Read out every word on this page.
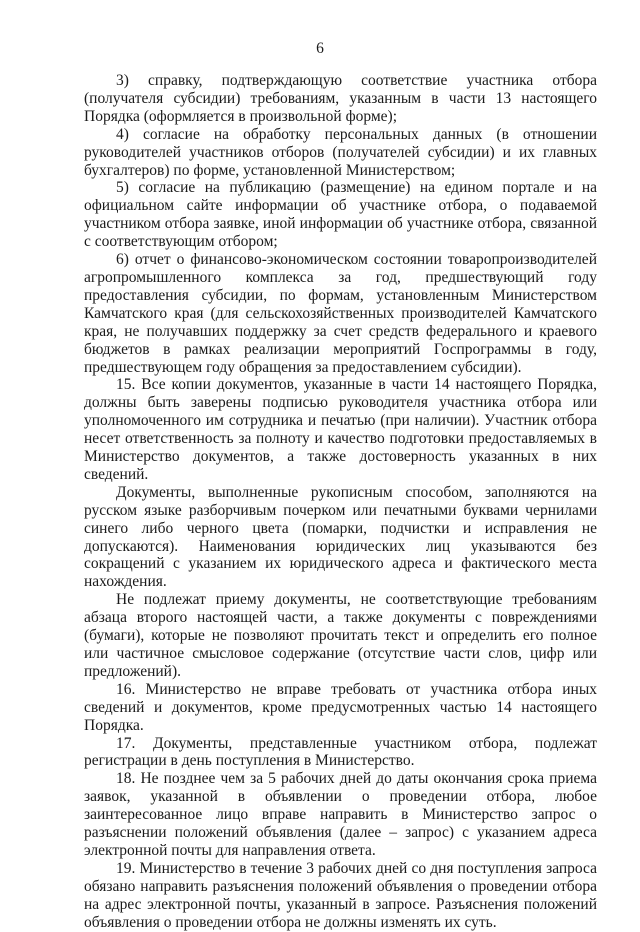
6

3) справку, подтверждающую соответствие участника отбора (получателя субсидии) требованиям, указанным в части 13 настоящего Порядка (оформляется в произвольной форме);

4) согласие на обработку персональных данных (в отношении руководителей участников отборов (получателей субсидии) и их главных бухгалтеров) по форме, установленной Министерством;

5) согласие на публикацию (размещение) на едином портале и на официальном сайте информации об участнике отбора, о подаваемой участником отбора заявке, иной информации об участнике отбора, связанной с соответствующим отбором;

6) отчет о финансово-экономическом состоянии товаропроизводителей агропромышленного комплекса за год, предшествующий году предоставления субсидии, по формам, установленным Министерством Камчатского края (для сельскохозяйственных производителей Камчатского края, не получавших поддержку за счет средств федерального и краевого бюджетов в рамках реализации мероприятий Госпрограммы в году, предшествующем году обращения за предоставлением субсидии).

15. Все копии документов, указанные в части 14 настоящего Порядка, должны быть заверены подписью руководителя участника отбора или уполномоченного им сотрудника и печатью (при наличии). Участник отбора несет ответственность за полноту и качество подготовки предоставляемых в Министерство документов, а также достоверность указанных в них сведений.

Документы, выполненные рукописным способом, заполняются на русском языке разборчивым почерком или печатными буквами чернилами синего либо черного цвета (помарки, подчистки и исправления не допускаются). Наименования юридических лиц указываются без сокращений с указанием их юридического адреса и фактического места нахождения.

Не подлежат приему документы, не соответствующие требованиям абзаца второго настоящей части, а также документы с повреждениями (бумаги), которые не позволяют прочитать текст и определить его полное или частичное смысловое содержание (отсутствие части слов, цифр или предложений).

16. Министерство не вправе требовать от участника отбора иных сведений и документов, кроме предусмотренных частью 14 настоящего Порядка.

17. Документы, представленные участником отбора, подлежат регистрации в день поступления в Министерство.

18. Не позднее чем за 5 рабочих дней до даты окончания срока приема заявок, указанной в объявлении о проведении отбора, любое заинтересованное лицо вправе направить в Министерство запрос о разъяснении положений объявления (далее – запрос) с указанием адреса электронной почты для направления ответа.

19. Министерство в течение 3 рабочих дней со дня поступления запроса обязано направить разъяснения положений объявления о проведении отбора на адрес электронной почты, указанный в запросе. Разъяснения положений объявления о проведении отбора не должны изменять их суть.
